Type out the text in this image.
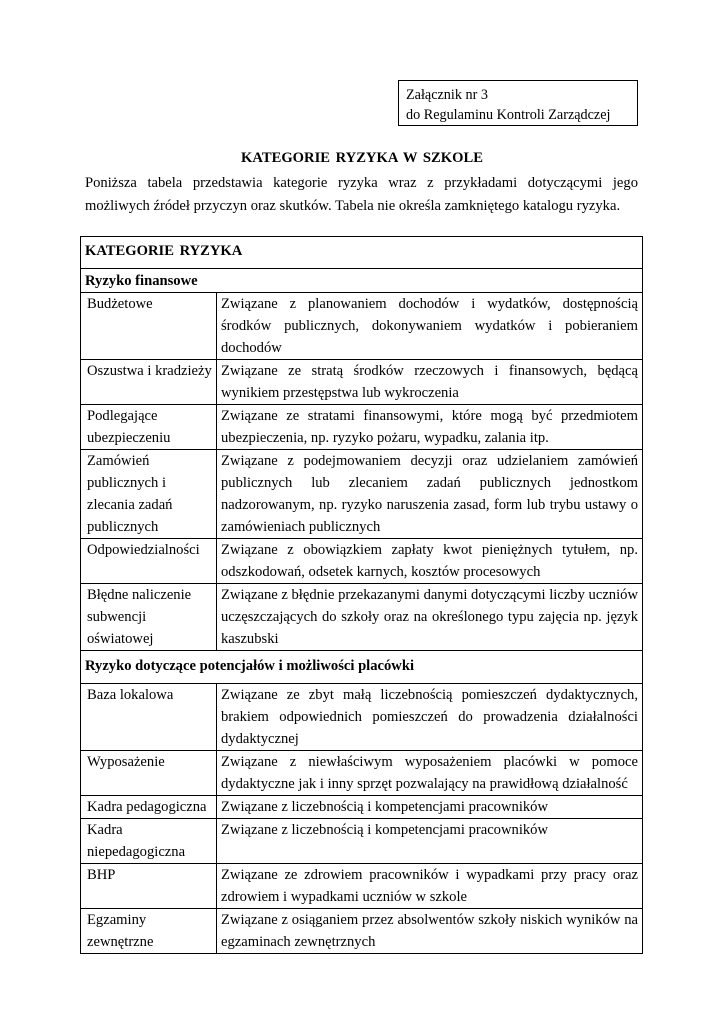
Załącznik nr 3
do Regulaminu Kontroli Zarządczej
KATEGORIE RYZYKA W SZKOLE
Poniższa tabela przedstawia kategorie ryzyka wraz z przykładami dotyczącymi jego możliwych źródeł przyczyn oraz skutków. Tabela nie określa zamkniętego katalogu ryzyka.
KATEGORIE RYZYKA	
Ryzyko finansowe	
Budżetowe	Związane z planowaniem dochodów i wydatków, dostępnością środków publicznych, dokonywaniem wydatków i pobieraniem dochodów
Oszustwa i kradzieży	Związane ze stratą środków rzeczowych i finansowych, będącą wynikiem przestępstwa lub wykroczenia
Podlegające ubezpieczeniu	Związane ze stratami finansowymi, które mogą być przedmiotem ubezpieczenia, np. ryzyko pożaru, wypadku, zalania itp.
Zamówień publicznych i zlecania zadań publicznych	Związane z podejmowaniem decyzji oraz udzielaniem zamówień publicznych lub zlecaniem zadań publicznych jednostkom nadzorowanym, np. ryzyko naruszenia zasad, form lub trybu ustawy o zamówieniach publicznych
Odpowiedzialności	Związane z obowiązkiem zapłaty kwot pieniężnych tytułem, np. odszkodowań, odsetek karnych, kosztów procesowych
Błędne naliczenie subwencji oświatowej	Związane z błędnie przekazanymi danymi dotyczącymi liczby uczniów uczęszczających do szkoły oraz na określonego typu zajęcia np. język kaszubski
Ryzyko dotyczące potencjałów i możliwości placówki	
Baza lokalowa	Związane ze zbyt małą liczebnością pomieszczeń dydaktycznych, brakiem odpowiednich pomieszczeń do prowadzenia działalności dydaktycznej
Wyposażenie	Związane z niewłaściwym wyposażeniem placówki w pomoce dydaktyczne jak i inny sprzęt pozwalający na prawidłową działalność
Kadra pedagogiczna	Związane z liczebnością i kompetencjami pracowników
Kadra niepedagogiczna	Związane z liczebnością i kompetencjami pracowników
BHP	Związane ze zdrowiem pracowników i wypadkami przy pracy oraz zdrowiem i wypadkami uczniów w szkole
Egzaminy zewnętrzne	Związane z osiąganiem przez absolwentów szkoły niskich wyników na egzaminach zewnętrznych
